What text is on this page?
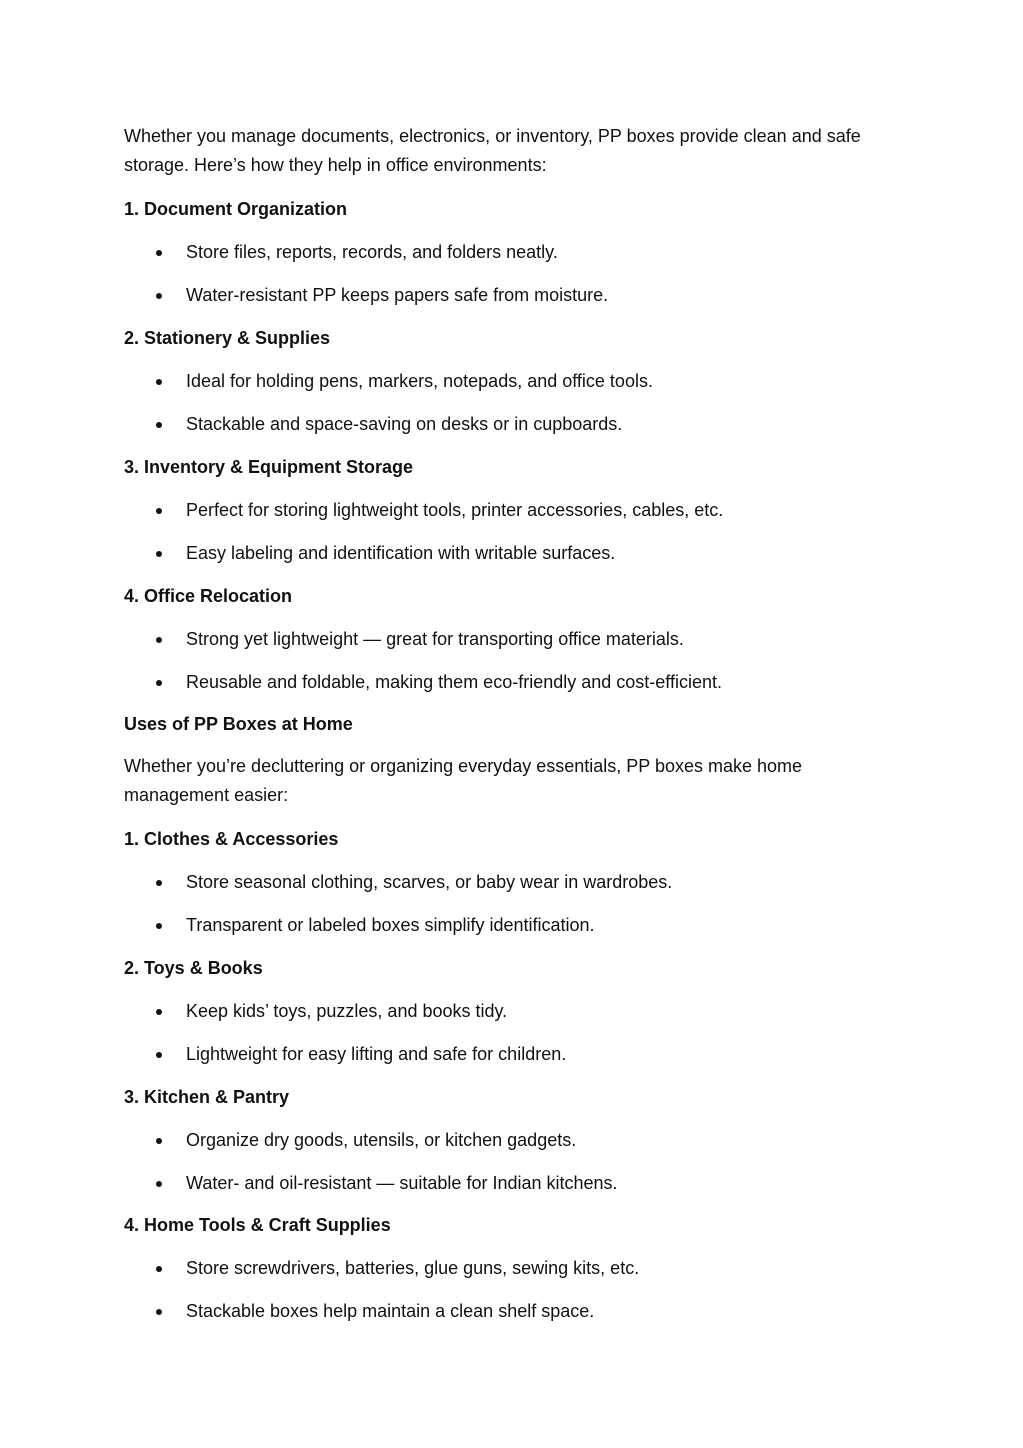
Whether you manage documents, electronics, or inventory, PP boxes provide clean and safe storage. Here’s how they help in office environments:

1. Document Organization

Store files, reports, records, and folders neatly.
Water-resistant PP keeps papers safe from moisture.

2. Stationery & Supplies

Ideal for holding pens, markers, notepads, and office tools.
Stackable and space-saving on desks or in cupboards.

3. Inventory & Equipment Storage

Perfect for storing lightweight tools, printer accessories, cables, etc.
Easy labeling and identification with writable surfaces.

4. Office Relocation

Strong yet lightweight — great for transporting office materials.
Reusable and foldable, making them eco-friendly and cost-efficient.

Uses of PP Boxes at Home

Whether you’re decluttering or organizing everyday essentials, PP boxes make home management easier:

1. Clothes & Accessories

Store seasonal clothing, scarves, or baby wear in wardrobes.
Transparent or labeled boxes simplify identification.

2. Toys & Books

Keep kids’ toys, puzzles, and books tidy.
Lightweight for easy lifting and safe for children.

3. Kitchen & Pantry

Organize dry goods, utensils, or kitchen gadgets.
Water- and oil-resistant — suitable for Indian kitchens.

4. Home Tools & Craft Supplies

Store screwdrivers, batteries, glue guns, sewing kits, etc.
Stackable boxes help maintain a clean shelf space.
